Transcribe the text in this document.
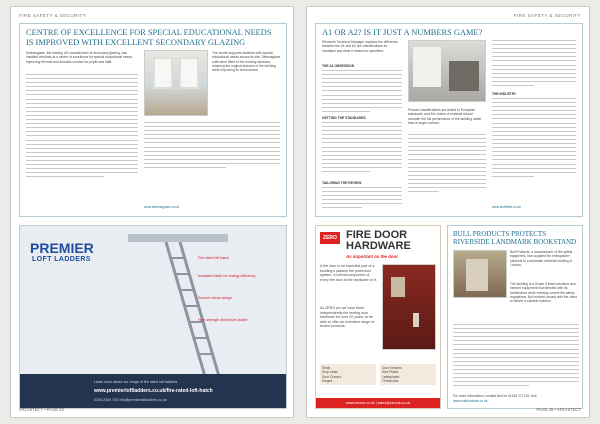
FIRE SAFETY & SECURITY
CENTRE OF EXCELLENCE FOR SPECIAL EDUCATIONAL NEEDS IS IMPROVED WITH EXCELLENT SECONDARY GLAZING
Selectaglaze, the leading UK manufacturer of secondary glazing, has installed windows at a centre of excellence for special educational needs, improving thermal and acoustic comfort for pupils and staff.
The centre supports students with special educational needs across its site. Selectaglaze units were fitted to the existing windows, retaining the original features of the building while improving its environment.
www.selectaglaze.co.uk
PREMIER
LOFT LADDERS	Fire rated loft hatch
Insulated hatch for energy efficiency
Secure robust design
High strength aluminium ladder
Learn more about our range of fire rated loft hatches
www.premierloftladders.co.uk/fire-rated-loft-hatch
0345 2000 705 info@premierloftladders.co.uk
ARCHITECT • PAGE 46
FIRE SAFETY & SECURITY
A1 OR A2? IS IT JUST A NUMBERS GAME?
Elements Technical Manager explains the difference between the A1 and A2 fire classifications for insulation and what it means for specifiers.
THE A1 OBSESSION
GETTING THE STANDARDS
TAILORING THE REVIEW
Product classifications are tested to European standards, and the choice of material should consider the full performance of the building rather than a single number.
THE INDUSTRY
www.sheffield.co.uk
ZERO FIRE DOOR
HARDWARE
As important as the door
A fire door is an essential part of a building's passive fire protection system. A critical component of every fire door is the hardware on it.
As ZERO plc we have been independently fire testing door hardware for over 20 years, to be able to offer an extensive range of tested products.
Seals
Drop seals
Door Closers
Hinges
Door Viewers
Kick Plates
Letterplates
Thresholds
www.zerouk.co.uk | sales@zerouk.co.uk
BULL PRODUCTS PROTECTS RIVERSIDE LANDMARK BOOKSTAND
Bull Products, a manufacturer of fire safety equipment, has supplied fire extinguisher cabinets to a landmark riverside building in London.
The building is a Grade II listed structure and needed equipment that blended with its architecture while meeting current fire safety regulations. Bull worked closely with the client to deliver a suitable solution.
For more information, contact Bull on 01432 271728, visit
www.bullproducts.co.uk
PAGE 49 • ARCHITECT
